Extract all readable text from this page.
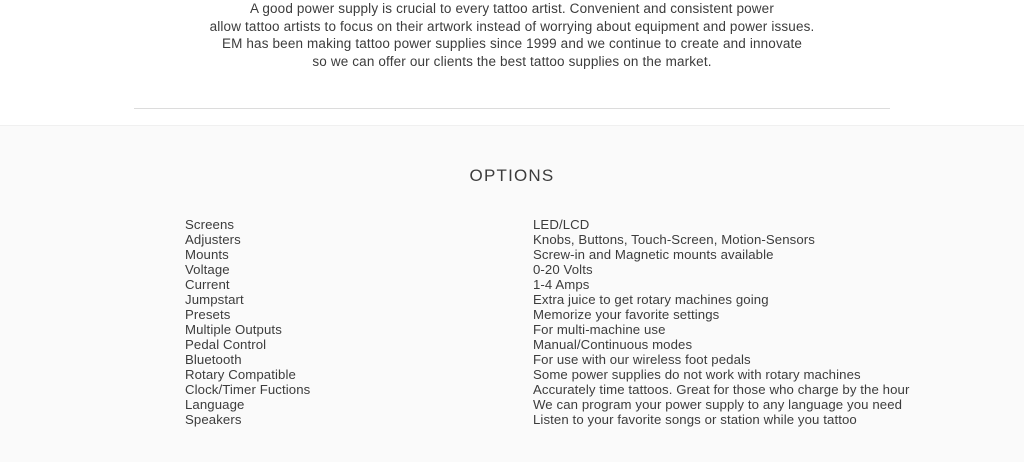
A good power supply is crucial to every tattoo artist. Convenient and consistent power

allow tattoo artists to focus on their artwork instead of worrying about equipment and power issues.

EM has been making tattoo power supplies since 1999 and we continue to create and innovate

so we can offer our clients the best tattoo supplies on the market.

OPTIONS
Screens	LED/LCD
Adjusters	Knobs, Buttons, Touch-Screen, Motion-Sensors
Mounts	Screw-in and Magnetic mounts available
Voltage	0-20 Volts
Current	1-4 Amps
Jumpstart	Extra juice to get rotary machines going
Presets	Memorize your favorite settings
Multiple Outputs	For multi-machine use
Pedal Control	Manual/Continuous modes
Bluetooth	For use with our wireless foot pedals
Rotary Compatible	Some power supplies do not work with rotary machines
Clock/Timer Fuctions	Accurately time tattoos. Great for those who charge by the hour
Language	We can program your power supply to any language you need
Speakers	Listen to your favorite songs or station while you tattoo
